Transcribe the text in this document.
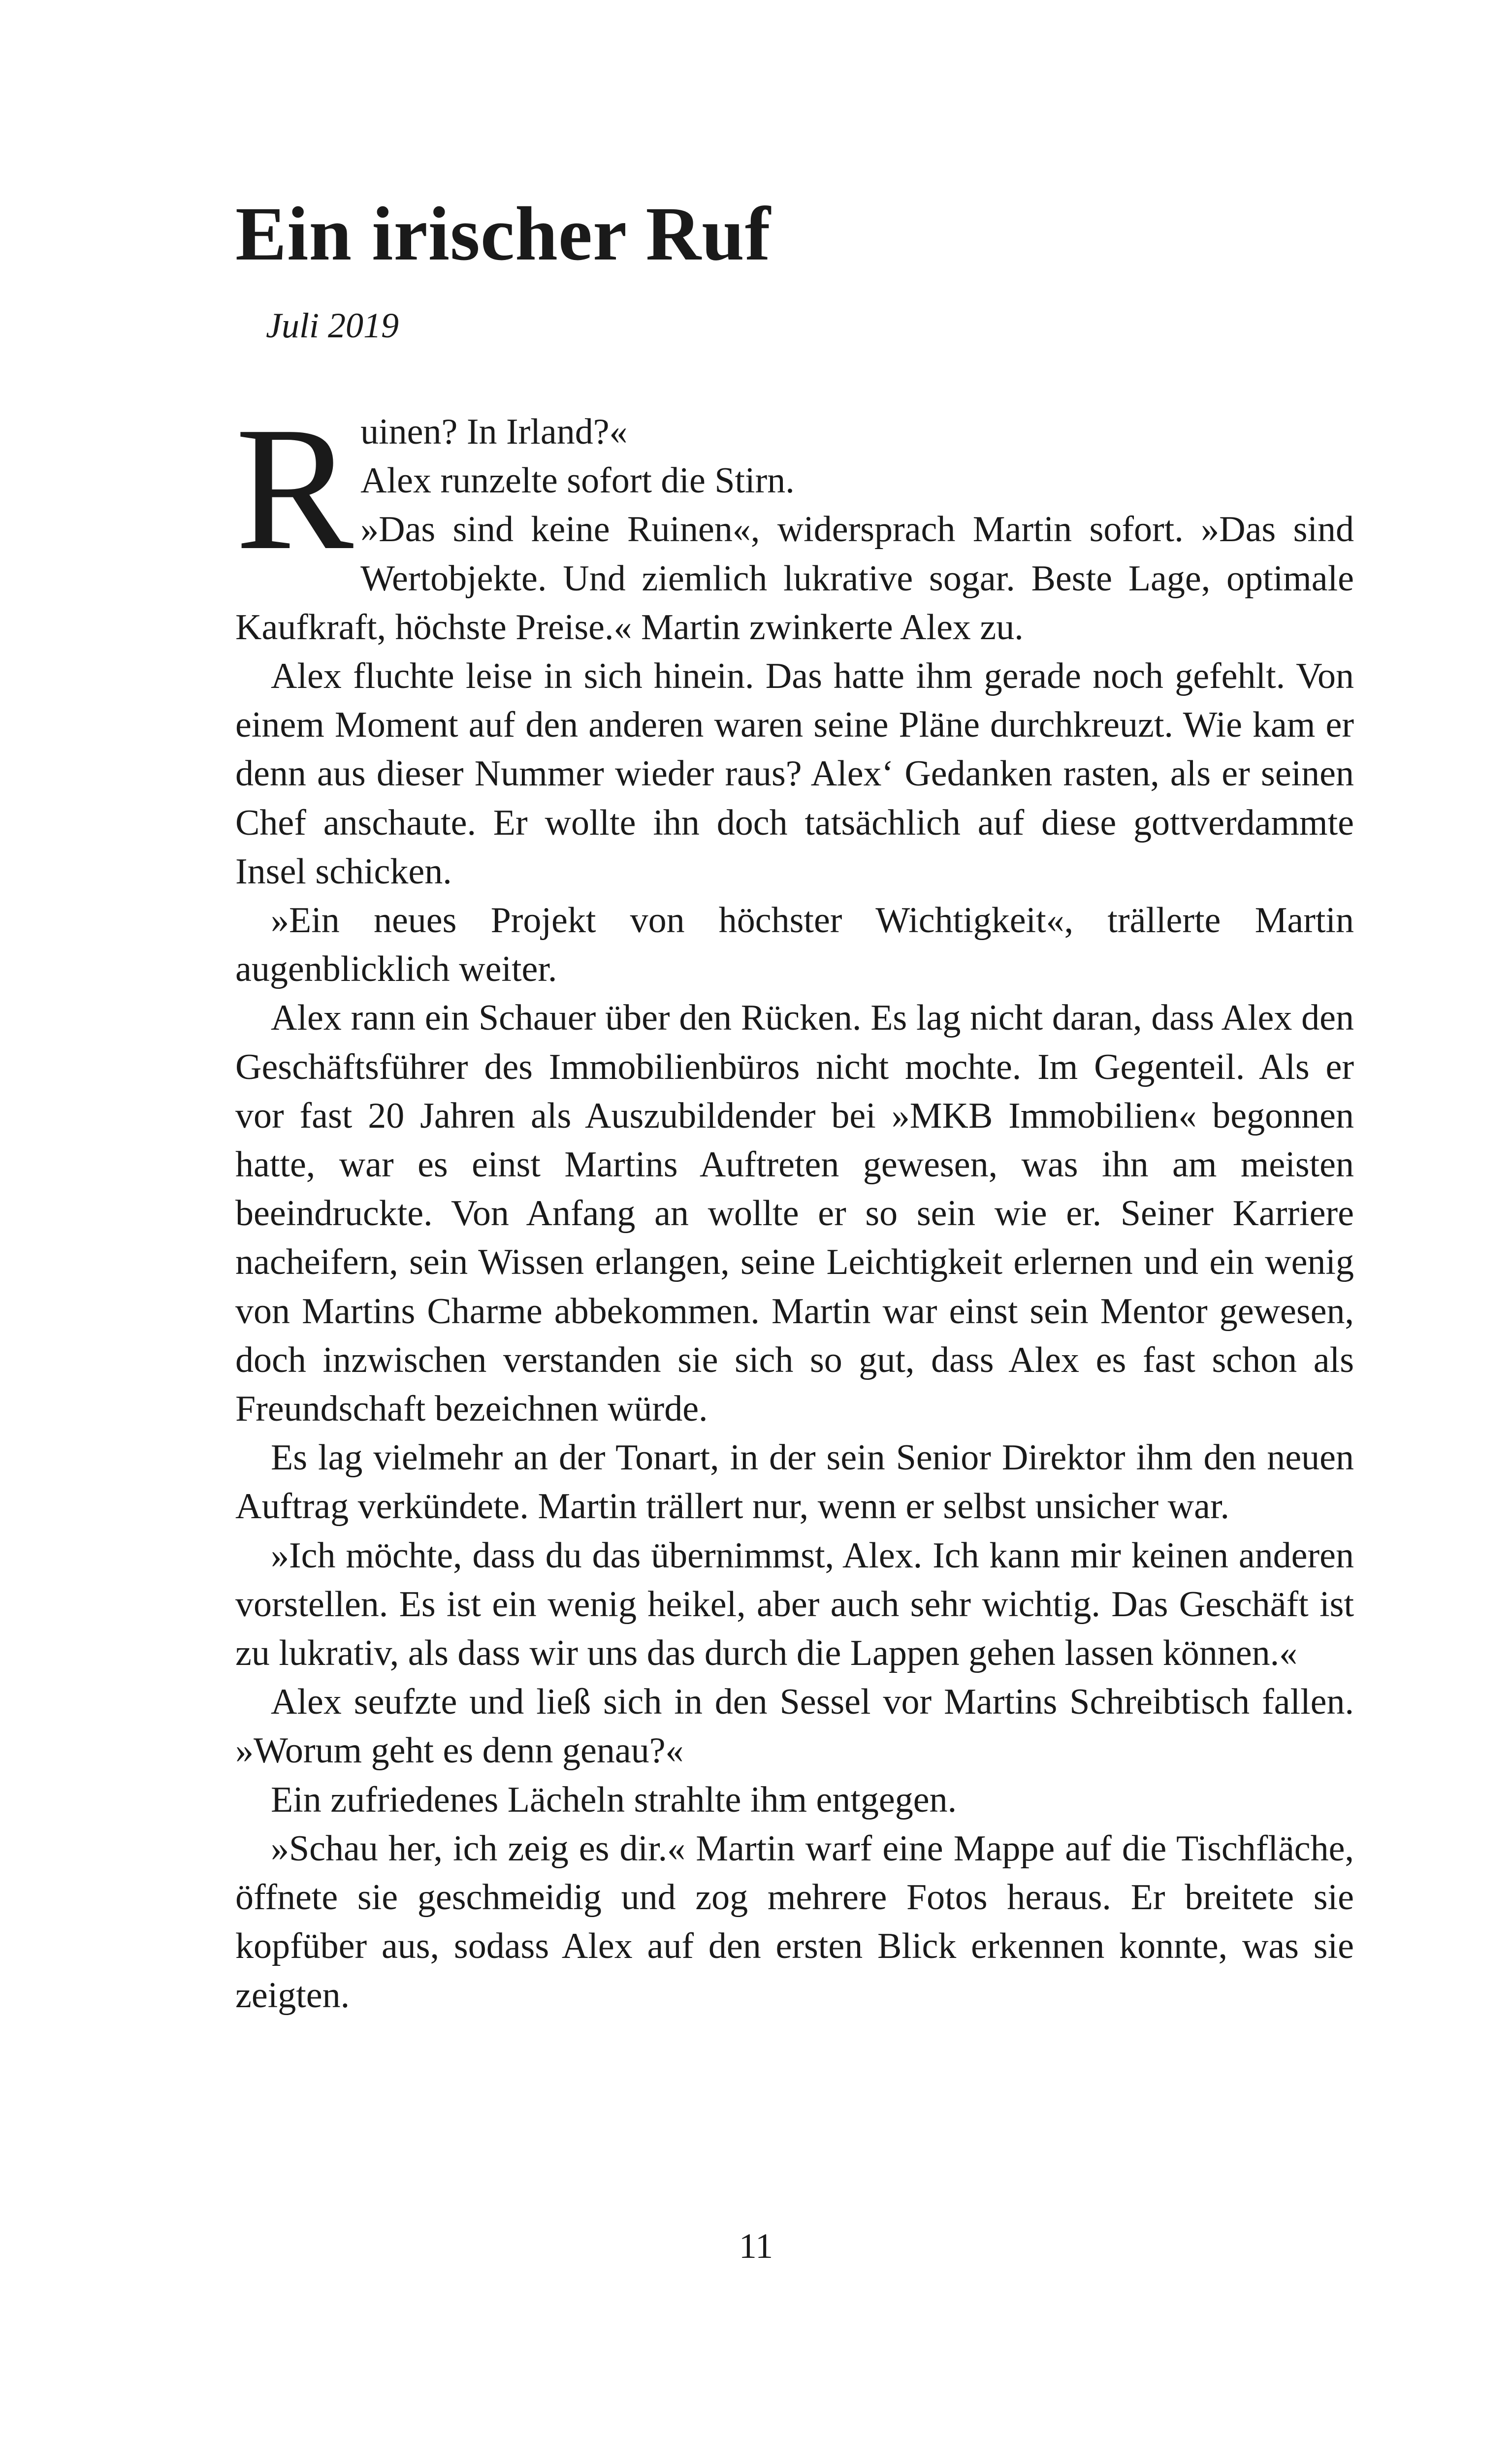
Ein irischer Ruf

Juli 2019

R uinen? In Irland?«

Alex runzelte sofort die Stirn.

»Das sind keine Ruinen«, widersprach Martin sofort. »Das sind Wertobjekte. Und ziemlich lukrative sogar. Beste Lage, optimale Kaufkraft, höchste Preise.« Martin zwinkerte Alex zu.

Alex fluchte leise in sich hinein. Das hatte ihm gerade noch gefehlt. Von einem Moment auf den anderen waren seine Pläne durchkreuzt. Wie kam er denn aus dieser Nummer wieder raus? Alex‘ Gedanken rasten, als er seinen Chef anschaute. Er wollte ihn doch tatsächlich auf diese gottverdammte Insel schicken.

»Ein neues Projekt von höchster Wichtigkeit«, trällerte Martin augenblicklich weiter.

Alex rann ein Schauer über den Rücken. Es lag nicht daran, dass Alex den Geschäftsführer des Immobilienbüros nicht mochte. Im Gegenteil. Als er vor fast 20 Jahren als Auszubildender bei »MKB Immobilien« begonnen hatte, war es einst Martins Auftreten gewesen, was ihn am meisten beeindruckte. Von Anfang an wollte er so sein wie er. Seiner Karriere nacheifern, sein Wissen erlangen, seine Leichtigkeit erlernen und ein wenig von Martins Charme abbekommen. Martin war einst sein Mentor gewesen, doch inzwischen verstanden sie sich so gut, dass Alex es fast schon als Freundschaft bezeichnen würde.

Es lag vielmehr an der Tonart, in der sein Senior Direktor ihm den neuen Auftrag verkündete. Martin trällert nur, wenn er selbst unsicher war.

»Ich möchte, dass du das übernimmst, Alex. Ich kann mir keinen anderen vorstellen. Es ist ein wenig heikel, aber auch sehr wichtig. Das Geschäft ist zu lukrativ, als dass wir uns das durch die Lappen gehen lassen können.«

Alex seufzte und ließ sich in den Sessel vor Martins Schreibtisch fallen. »Worum geht es denn genau?«

Ein zufriedenes Lächeln strahlte ihm entgegen.

»Schau her, ich zeig es dir.« Martin warf eine Mappe auf die Tischfläche, öffnete sie geschmeidig und zog mehrere Fotos heraus. Er breitete sie kopfüber aus, sodass Alex auf den ersten Blick erkennen konnte, was sie zeigten.

11
